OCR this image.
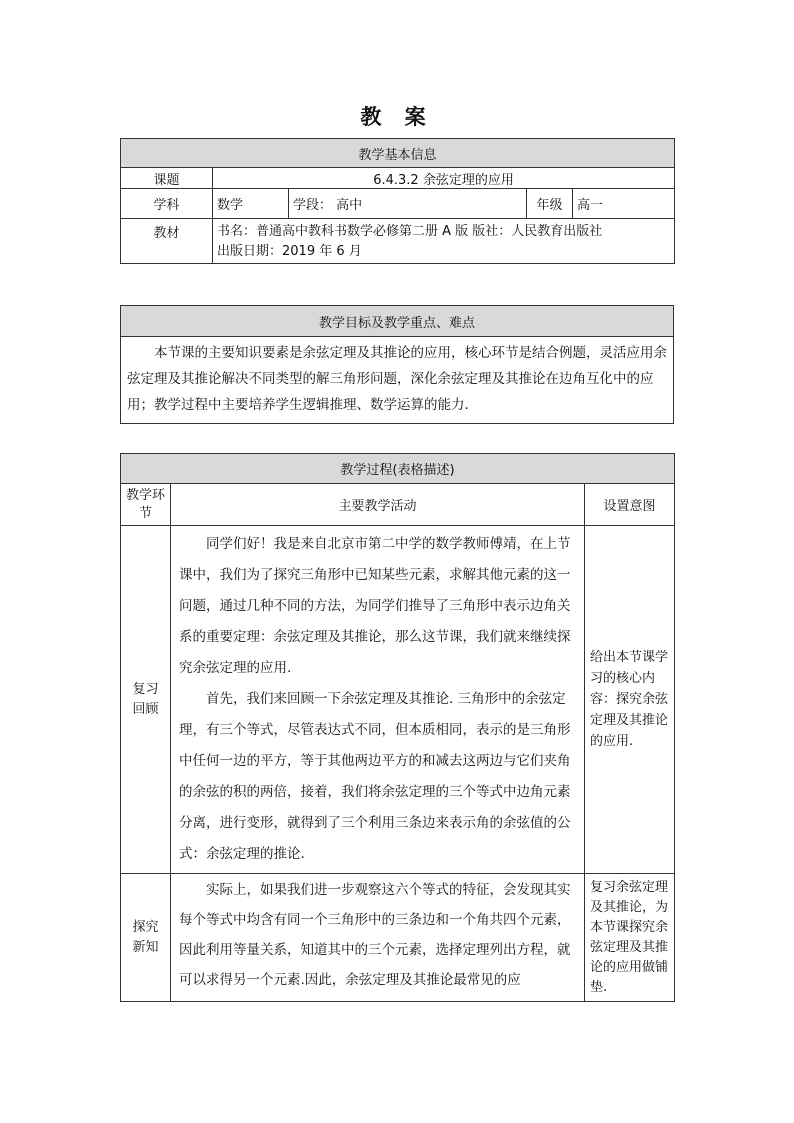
教 案
教学基本信息				
课题	6.4.3.2 余弦定理的应用			
学科	数学	学段： 高中	年级	高一
教材	书名：普通高中教科书数学必修第二册 A 版 版社：人民教育出版社
出版日期：2019 年 6 月			
教学目标及教学重点、难点

本节课的主要知识要素是余弦定理及其推论的应用，核心环节是结合例题，灵活应用余弦定理及其推论解决不同类型的解三角形问题，深化余弦定理及其推论在边角互化中的应用；教学过程中主要培养学生逻辑推理、数学运算的能力.

教学过程(表格描述)		
教学环节	主要教学活动	设置意图
复习回顾	同学们好！我是来自北京市第二中学的数学教师傅靖，在上节课中，我们为了探究三角形中已知某些元素，求解其他元素的这一问题，通过几种不同的方法，为同学们推导了三角形中表示边角关系的重要定理：余弦定理及其推论，那么这节课，我们就来继续探究余弦定理的应用.

首先，我们来回顾一下余弦定理及其推论. 三角形中的余弦定理，有三个等式，尽管表达式不同，但本质相同，表示的是三角形中任何一边的平方，等于其他两边平方的和减去这两边与它们夹角的余弦的积的两倍，接着，我们将余弦定理的三个等式中边角元素分离，进行变形，就得到了三个利用三条边来表示角的余弦值的公式：余弦定理的推论.	给出本节课学习的核心内容：探究余弦定理及其推论的应用.
探究新知	实际上，如果我们进一步观察这六个等式的特征，会发现其实每个等式中均含有同一个三角形中的三条边和一个角共四个元素，因此利用等量关系，知道其中的三个元素，选择定理列出方程，就可以求得另一个元素.因此，余弦定理及其推论最常见的应	复习余弦定理及其推论，为本节课探究余弦定理及其推论的应用做铺垫.
